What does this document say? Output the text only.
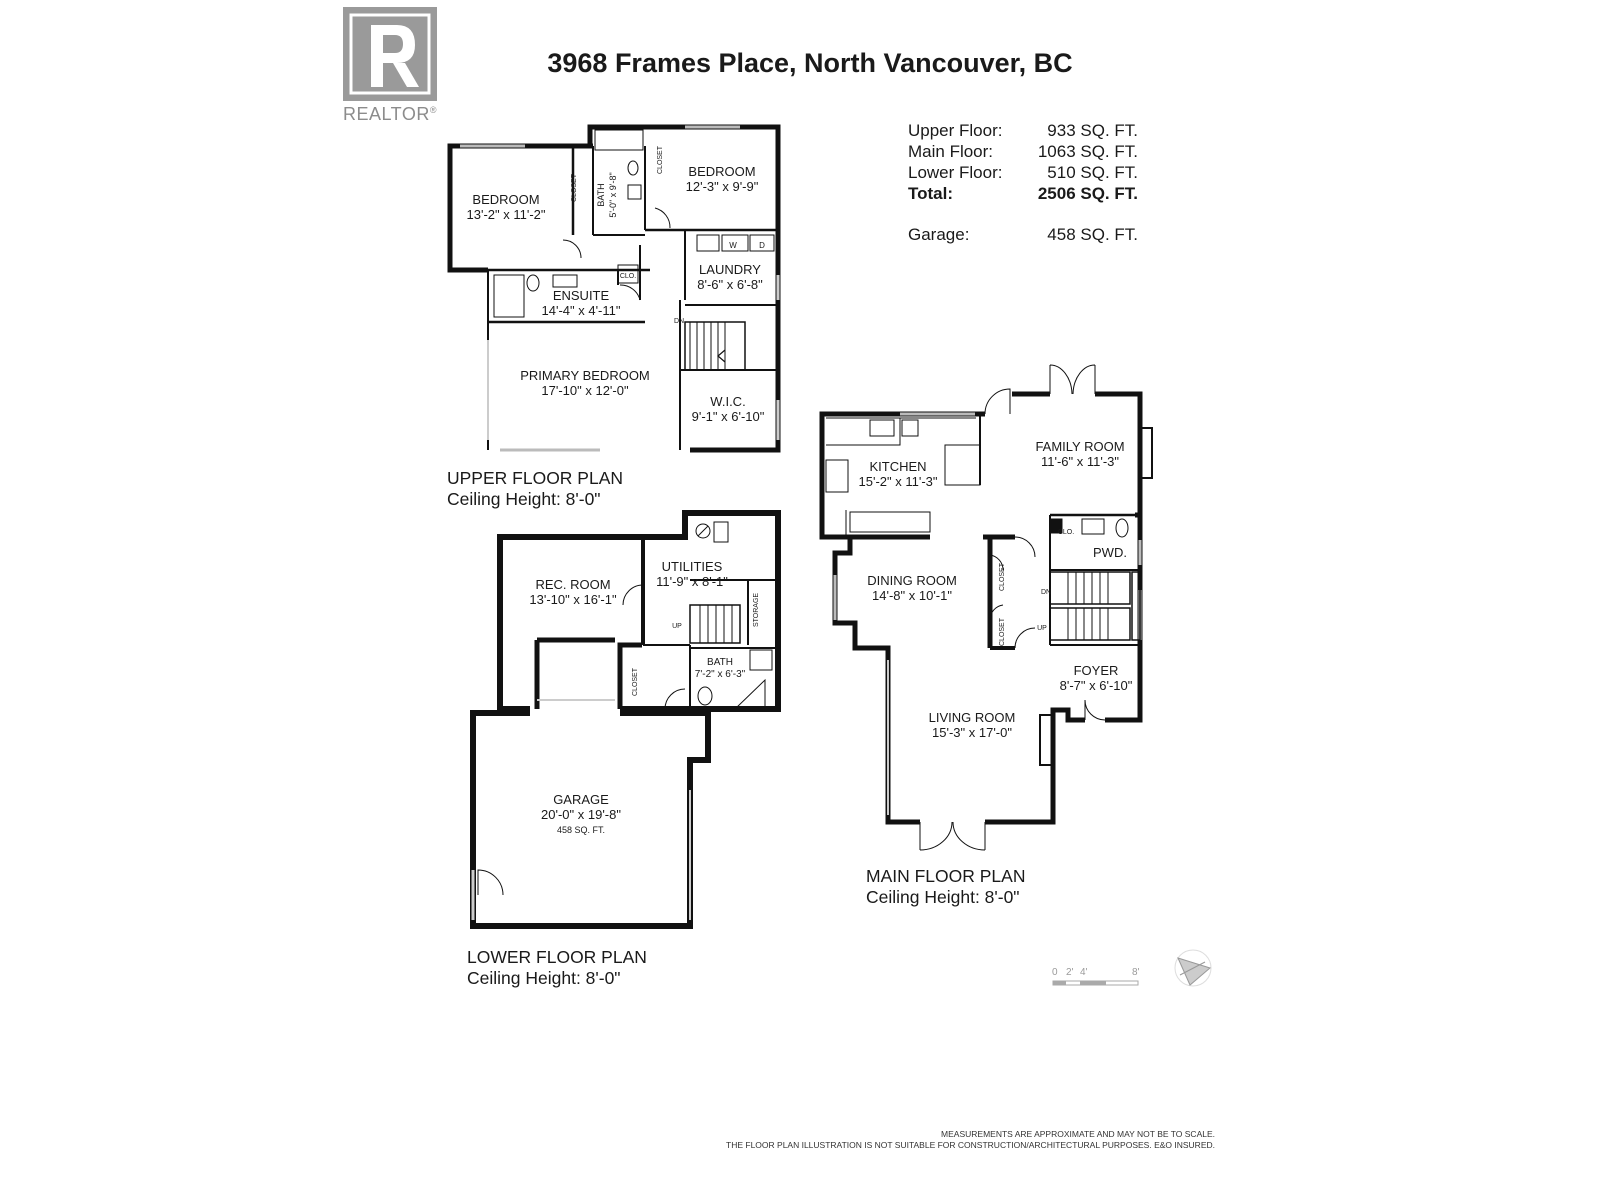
REALTOR®
3968 Frames Place, North Vancouver, BC
Upper Floor:	933 SQ. FT.
Main Floor:	1063 SQ. FT.
Lower Floor:	510 SQ. FT.
Total:	2506 SQ. FT.
Garage:	458 SQ. FT.
BEDROOM
13'-2" x 11'-2"
BEDROOM
12'-3" x 9'-9"
LAUNDRY
8'-6" x 6'-8"
ENSUITE
14'-4" x 4'-11"
PRIMARY BEDROOM
17'-10" x 12'-0"
W.I.C.
9'-1" x 6'-10"
BATH 5'-0" x 9'-8"
CLOSET
CLOSET
CLO.
DN
W	D
KITCHEN
15'-2" x 11'-3"
FAMILY ROOM
11'-6" x 11'-3"
PWD.
DINING ROOM
14'-8" x 10'-1"
FOYER
8'-7" x 6'-10"
LIVING ROOM
15'-3" x 17'-0"
CLOSET
CLOSET
CLO.
DN
UP
REC. ROOM
13'-10" x 16'-1"
UTILITIES
11'-9" x 8'-1"
BATH
7'-2" x 6'-3"
GARAGE
20'-0" x 19'-8"
458 SQ. FT.
CLOSET
STORAGE
UP
UPPER FLOOR PLAN
Ceiling Height: 8'-0"
MAIN FLOOR PLAN
Ceiling Height: 8'-0"
LOWER FLOOR PLAN
Ceiling Height: 8'-0"	0 2' 4'	8'
MEASUREMENTS ARE APPROXIMATE AND MAY NOT BE TO SCALE.
THE FLOOR PLAN ILLUSTRATION IS NOT SUITABLE FOR CONSTRUCTION/ARCHITECTURAL PURPOSES. E&O INSURED.
